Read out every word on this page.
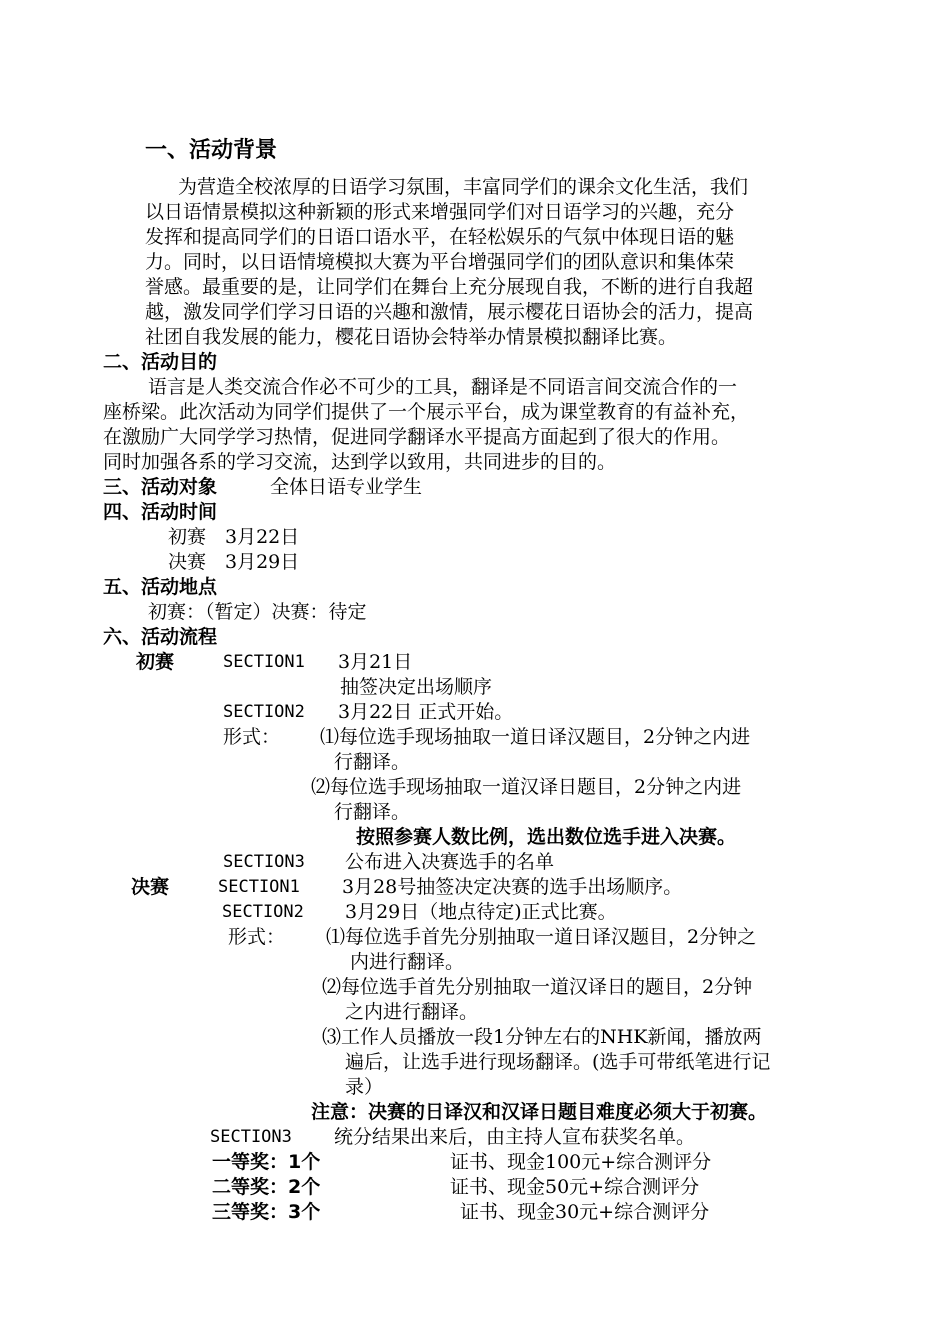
一、活动背景
为营造全校浓厚的日语学习氛围，丰富同学们的课余文化生活，我们
以日语情景模拟这种新颖的形式来增强同学们对日语学习的兴趣，充分
发挥和提高同学们的日语口语水平，在轻松娱乐的气氛中体现日语的魅
力。同时，以日语情境模拟大赛为平台增强同学们的团队意识和集体荣
誉感。最重要的是，让同学们在舞台上充分展现自我，不断的进行自我超
越，激发同学们学习日语的兴趣和激情，展示樱花日语协会的活力，提高
社团自我发展的能力，樱花日语协会特举办情景模拟翻译比赛。
二、活动目的
语言是人类交流合作必不可少的工具，翻译是不同语言间交流合作的一
座桥梁。此次活动为同学们提供了一个展示平台，成为课堂教育的有益补充，
在激励广大同学学习热情，促进同学翻译水平提高方面起到了很大的作用。
同时加强各系的学习交流，达到学以致用，共同进步的目的。
三、活动对象	全体日语专业学生
四、活动时间
初赛　3月22日
决赛　3月29日
五、活动地点
初赛：（暂定）决赛：待定
六、活动流程
初赛	SECTION1 3月21日
抽签决定出场顺序
SECTION2 3月22日 正式开始。
形式： ⑴每位选手现场抽取一道日译汉题目，2分钟之内进
行翻译。
⑵每位选手现场抽取一道汉译日题目，2分钟之内进
行翻译。
按照参赛人数比例，选出数位选手进入决赛。
SECTION3 公布进入决赛选手的名单
决赛	SECTION1 3月28号抽签决定决赛的选手出场顺序。
SECTION2 3月29日（地点待定)正式比赛。
形式： ⑴每位选手首先分别抽取一道日译汉题目，2分钟之
内进行翻译。
⑵每位选手首先分别抽取一道汉译日的题目，2分钟
之内进行翻译。
⑶工作人员播放一段1分钟左右的NHK新闻，播放两
遍后，让选手进行现场翻译。(选手可带纸笔进行记
录）
注意：决赛的日译汉和汉译日题目难度必须大于初赛。
SECTION3 统分结果出来后，由主持人宣布获奖名单。
一等奖：1个	证书、现金100元+综合测评分
二等奖：2个	证书、现金50元+综合测评分
三等奖：3个	证书、现金30元+综合测评分
